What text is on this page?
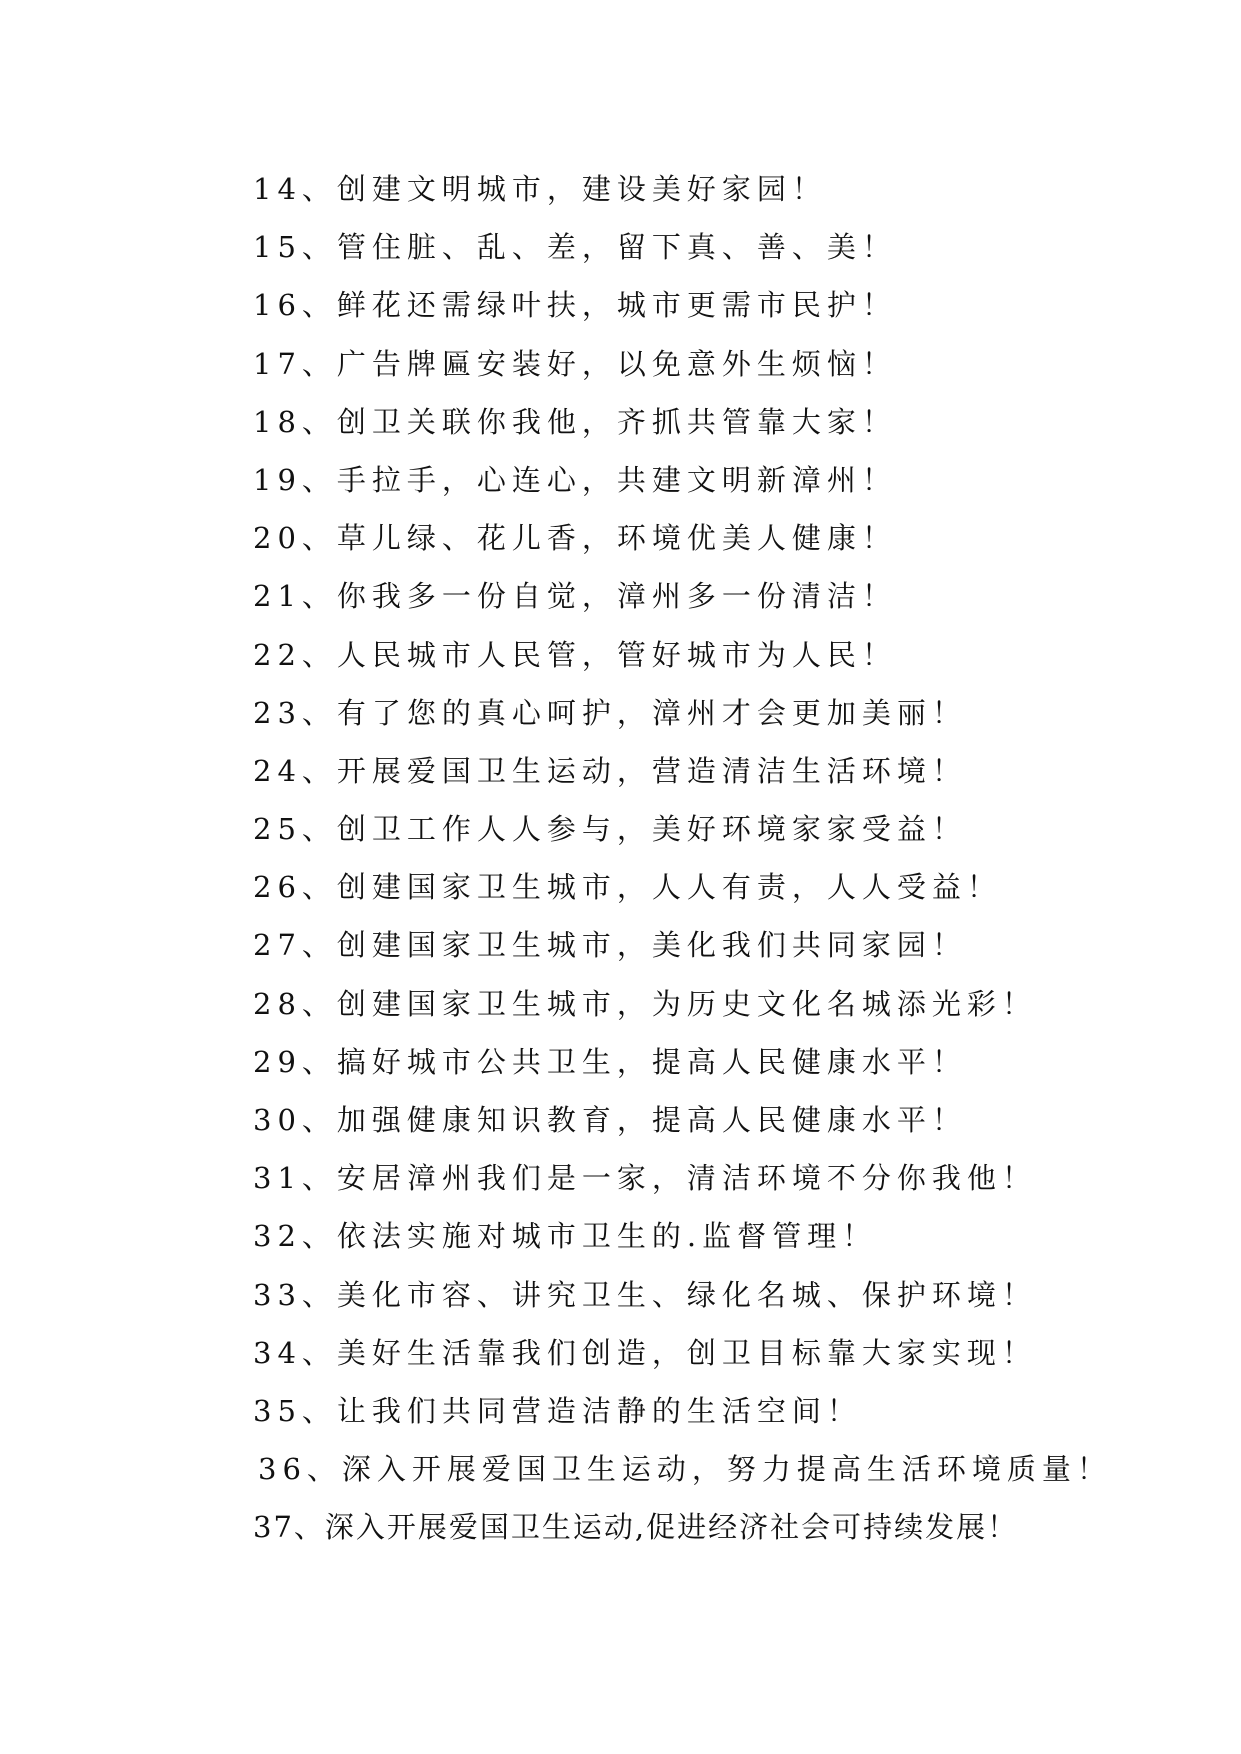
14、创建文明城市，建设美好家园！
15、管住脏、乱、差，留下真、善、美！
16、鲜花还需绿叶扶，城市更需市民护！
17、广告牌匾安装好，以免意外生烦恼！
18、创卫关联你我他，齐抓共管靠大家！
19、手拉手，心连心，共建文明新漳州！
20、草儿绿、花儿香，环境优美人健康！
21、你我多一份自觉，漳州多一份清洁！
22、人民城市人民管，管好城市为人民！
23、有了您的真心呵护，漳州才会更加美丽！
24、开展爱国卫生运动，营造清洁生活环境！
25、创卫工作人人参与，美好环境家家受益！
26、创建国家卫生城市，人人有责，人人受益！
27、创建国家卫生城市，美化我们共同家园！
28、创建国家卫生城市，为历史文化名城添光彩！
29、搞好城市公共卫生，提高人民健康水平！
30、加强健康知识教育，提高人民健康水平！
31、安居漳州我们是一家，清洁环境不分你我他！
32、依法实施对城市卫生的.监督管理！
33、美化市容、讲究卫生、绿化名城、保护环境！
34、美好生活靠我们创造，创卫目标靠大家实现！
35、让我们共同营造洁静的生活空间！
36、深入开展爱国卫生运动，努力提高生活环境质量！
37、深入开展爱国卫生运动,促进经济社会可持续发展！
